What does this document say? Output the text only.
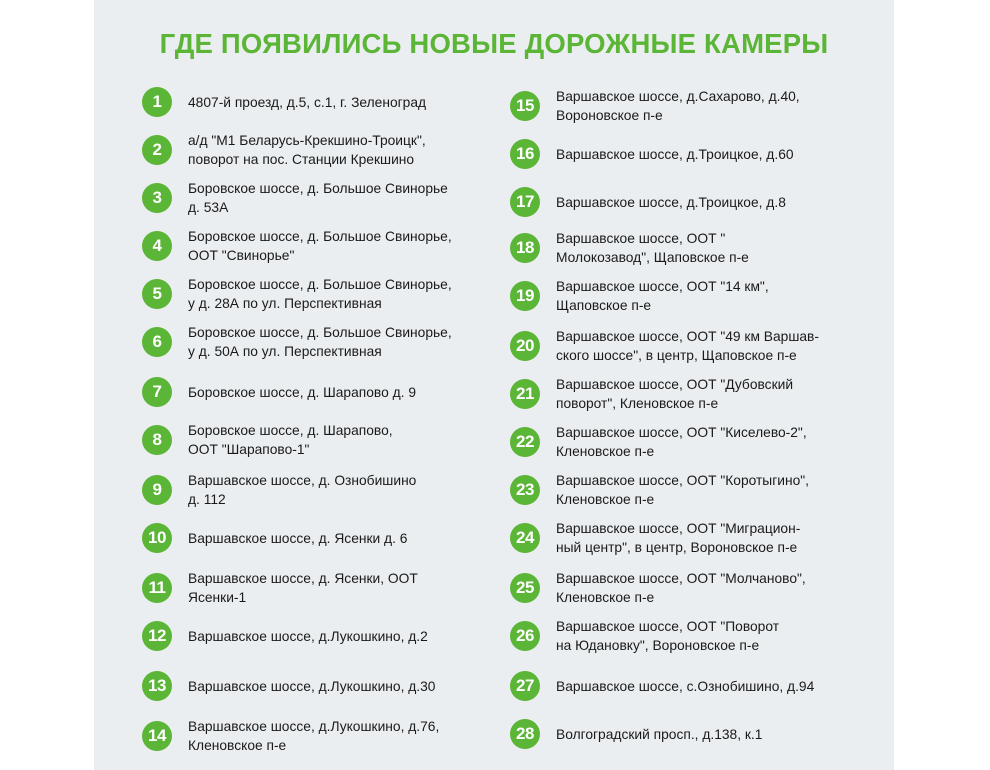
ГДЕ ПОЯВИЛИСЬ НОВЫЕ ДОРОЖНЫЕ КАМЕРЫ
1	4807-й проезд, д.5, с.1, г. Зеленоград
2	а/д "М1 Беларусь-Крекшино-Троицк",
поворот на пос. Станции Крекшино
3	Боровское шоссе, д. Большое Свинорье
д. 53А
4	Боровское шоссе, д. Большое Свинорье,
ООТ "Свинорье"
5	Боровское шоссе, д. Большое Свинорье,
у д. 28А по ул. Перспективная
6	Боровское шоссе, д. Большое Свинорье,
у д. 50А по ул. Перспективная
7	Боровское шоссе, д. Шарапово д. 9
8	Боровское шоссе, д. Шарапово,
ООТ "Шарапово-1"
9	Варшавское шоссе, д. Ознобишино
д. 112
10	Варшавское шоссе, д. Ясенки д. 6
11	Варшавское шоссе, д. Ясенки, ООТ
Ясенки-1
12	Варшавское шоссе, д.Лукошкино, д.2
13	Варшавское шоссе, д.Лукошкино, д.30
14	Варшавское шоссе, д.Лукошкино, д.76,
Кленовское п-е
15	Варшавское шоссе, д.Сахарово, д.40,
Вороновское п-е
16	Варшавское шоссе, д.Троицкое, д.60
17	Варшавское шоссе, д.Троицкое, д.8
18	Варшавское шоссе, ООТ "
Молокозавод", Щаповское п-е
19	Варшавское шоссе, ООТ "14 км",
Щаповское п-е
20	Варшавское шоссе, ООТ "49 км Варшав-
ского шоссе", в центр, Щаповское п-е
21	Варшавское шоссе, ООТ "Дубовский
поворот", Кленовское п-е
22	Варшавское шоссе, ООТ "Киселево-2",
Кленовское п-е
23	Варшавское шоссе, ООТ "Коротыгино",
Кленовское п-е
24	Варшавское шоссе, ООТ "Миграцион-
ный центр", в центр, Вороновское п-е
25	Варшавское шоссе, ООТ "Молчаново",
Кленовское п-е
26	Варшавское шоссе, ООТ "Поворот
на Юдановку", Вороновское п-е
27	Варшавское шоссе, с.Ознобишино, д.94
28	Волгоградский просп., д.138, к.1
